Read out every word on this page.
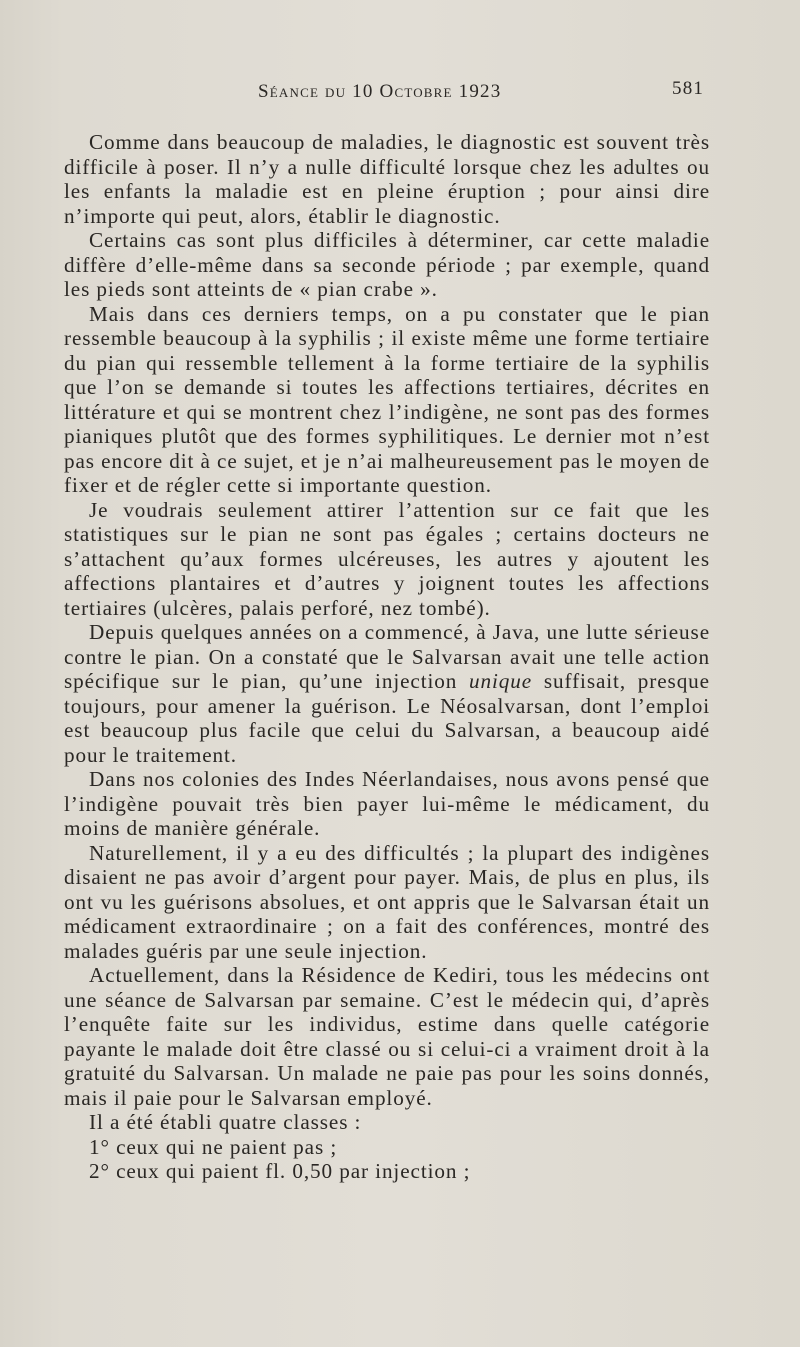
Séance du 10 Octobre 1923	581

Comme dans beaucoup de maladies, le diagnostic est souvent très difficile à poser. Il n’y a nulle difficulté lorsque chez les adultes ou les enfants la maladie est en pleine éruption ; pour ainsi dire n’importe qui peut, alors, établir le diagnostic.

Certains cas sont plus difficiles à déterminer, car cette maladie diffère d’elle-même dans sa seconde période ; par exemple, quand les pieds sont atteints de « pian crabe ».

Mais dans ces derniers temps, on a pu constater que le pian ressemble beaucoup à la syphilis ; il existe même une forme tertiaire du pian qui ressemble tellement à la forme tertiaire de la syphilis que l’on se demande si toutes les affections tertiaires, décrites en littérature et qui se montrent chez l’indigène, ne sont pas des formes pianiques plutôt que des formes syphilitiques. Le dernier mot n’est pas encore dit à ce sujet, et je n’ai malheureusement pas le moyen de fixer et de régler cette si importante question.

Je voudrais seulement attirer l’attention sur ce fait que les statistiques sur le pian ne sont pas égales ; certains docteurs ne s’attachent qu’aux formes ulcéreuses, les autres y ajoutent les affections plantaires et d’autres y joignent toutes les affections tertiaires (ulcères, palais perforé, nez tombé).

Depuis quelques années on a commencé, à Java, une lutte sérieuse contre le pian. On a constaté que le Salvarsan avait une telle action spécifique sur le pian, qu’une injection unique suffisait, presque toujours, pour amener la guérison. Le Néosalvarsan, dont l’emploi est beaucoup plus facile que celui du Salvarsan, a beaucoup aidé pour le traitement.

Dans nos colonies des Indes Néerlandaises, nous avons pensé que l’indigène pouvait très bien payer lui-même le médicament, du moins de manière générale.

Naturellement, il y a eu des difficultés ; la plupart des indigènes disaient ne pas avoir d’argent pour payer. Mais, de plus en plus, ils ont vu les guérisons absolues, et ont appris que le Salvarsan était un médicament extraordinaire ; on a fait des conférences, montré des malades guéris par une seule injection.

Actuellement, dans la Résidence de Kediri, tous les médecins ont une séance de Salvarsan par semaine. C’est le médecin qui, d’après l’enquête faite sur les individus, estime dans quelle catégorie payante le malade doit être classé ou si celui-ci a vraiment droit à la gratuité du Salvarsan. Un malade ne paie pas pour les soins donnés, mais il paie pour le Salvarsan employé.

Il a été établi quatre classes :

1° ceux qui ne paient pas ;

2° ceux qui paient fl. 0,50 par injection ;
